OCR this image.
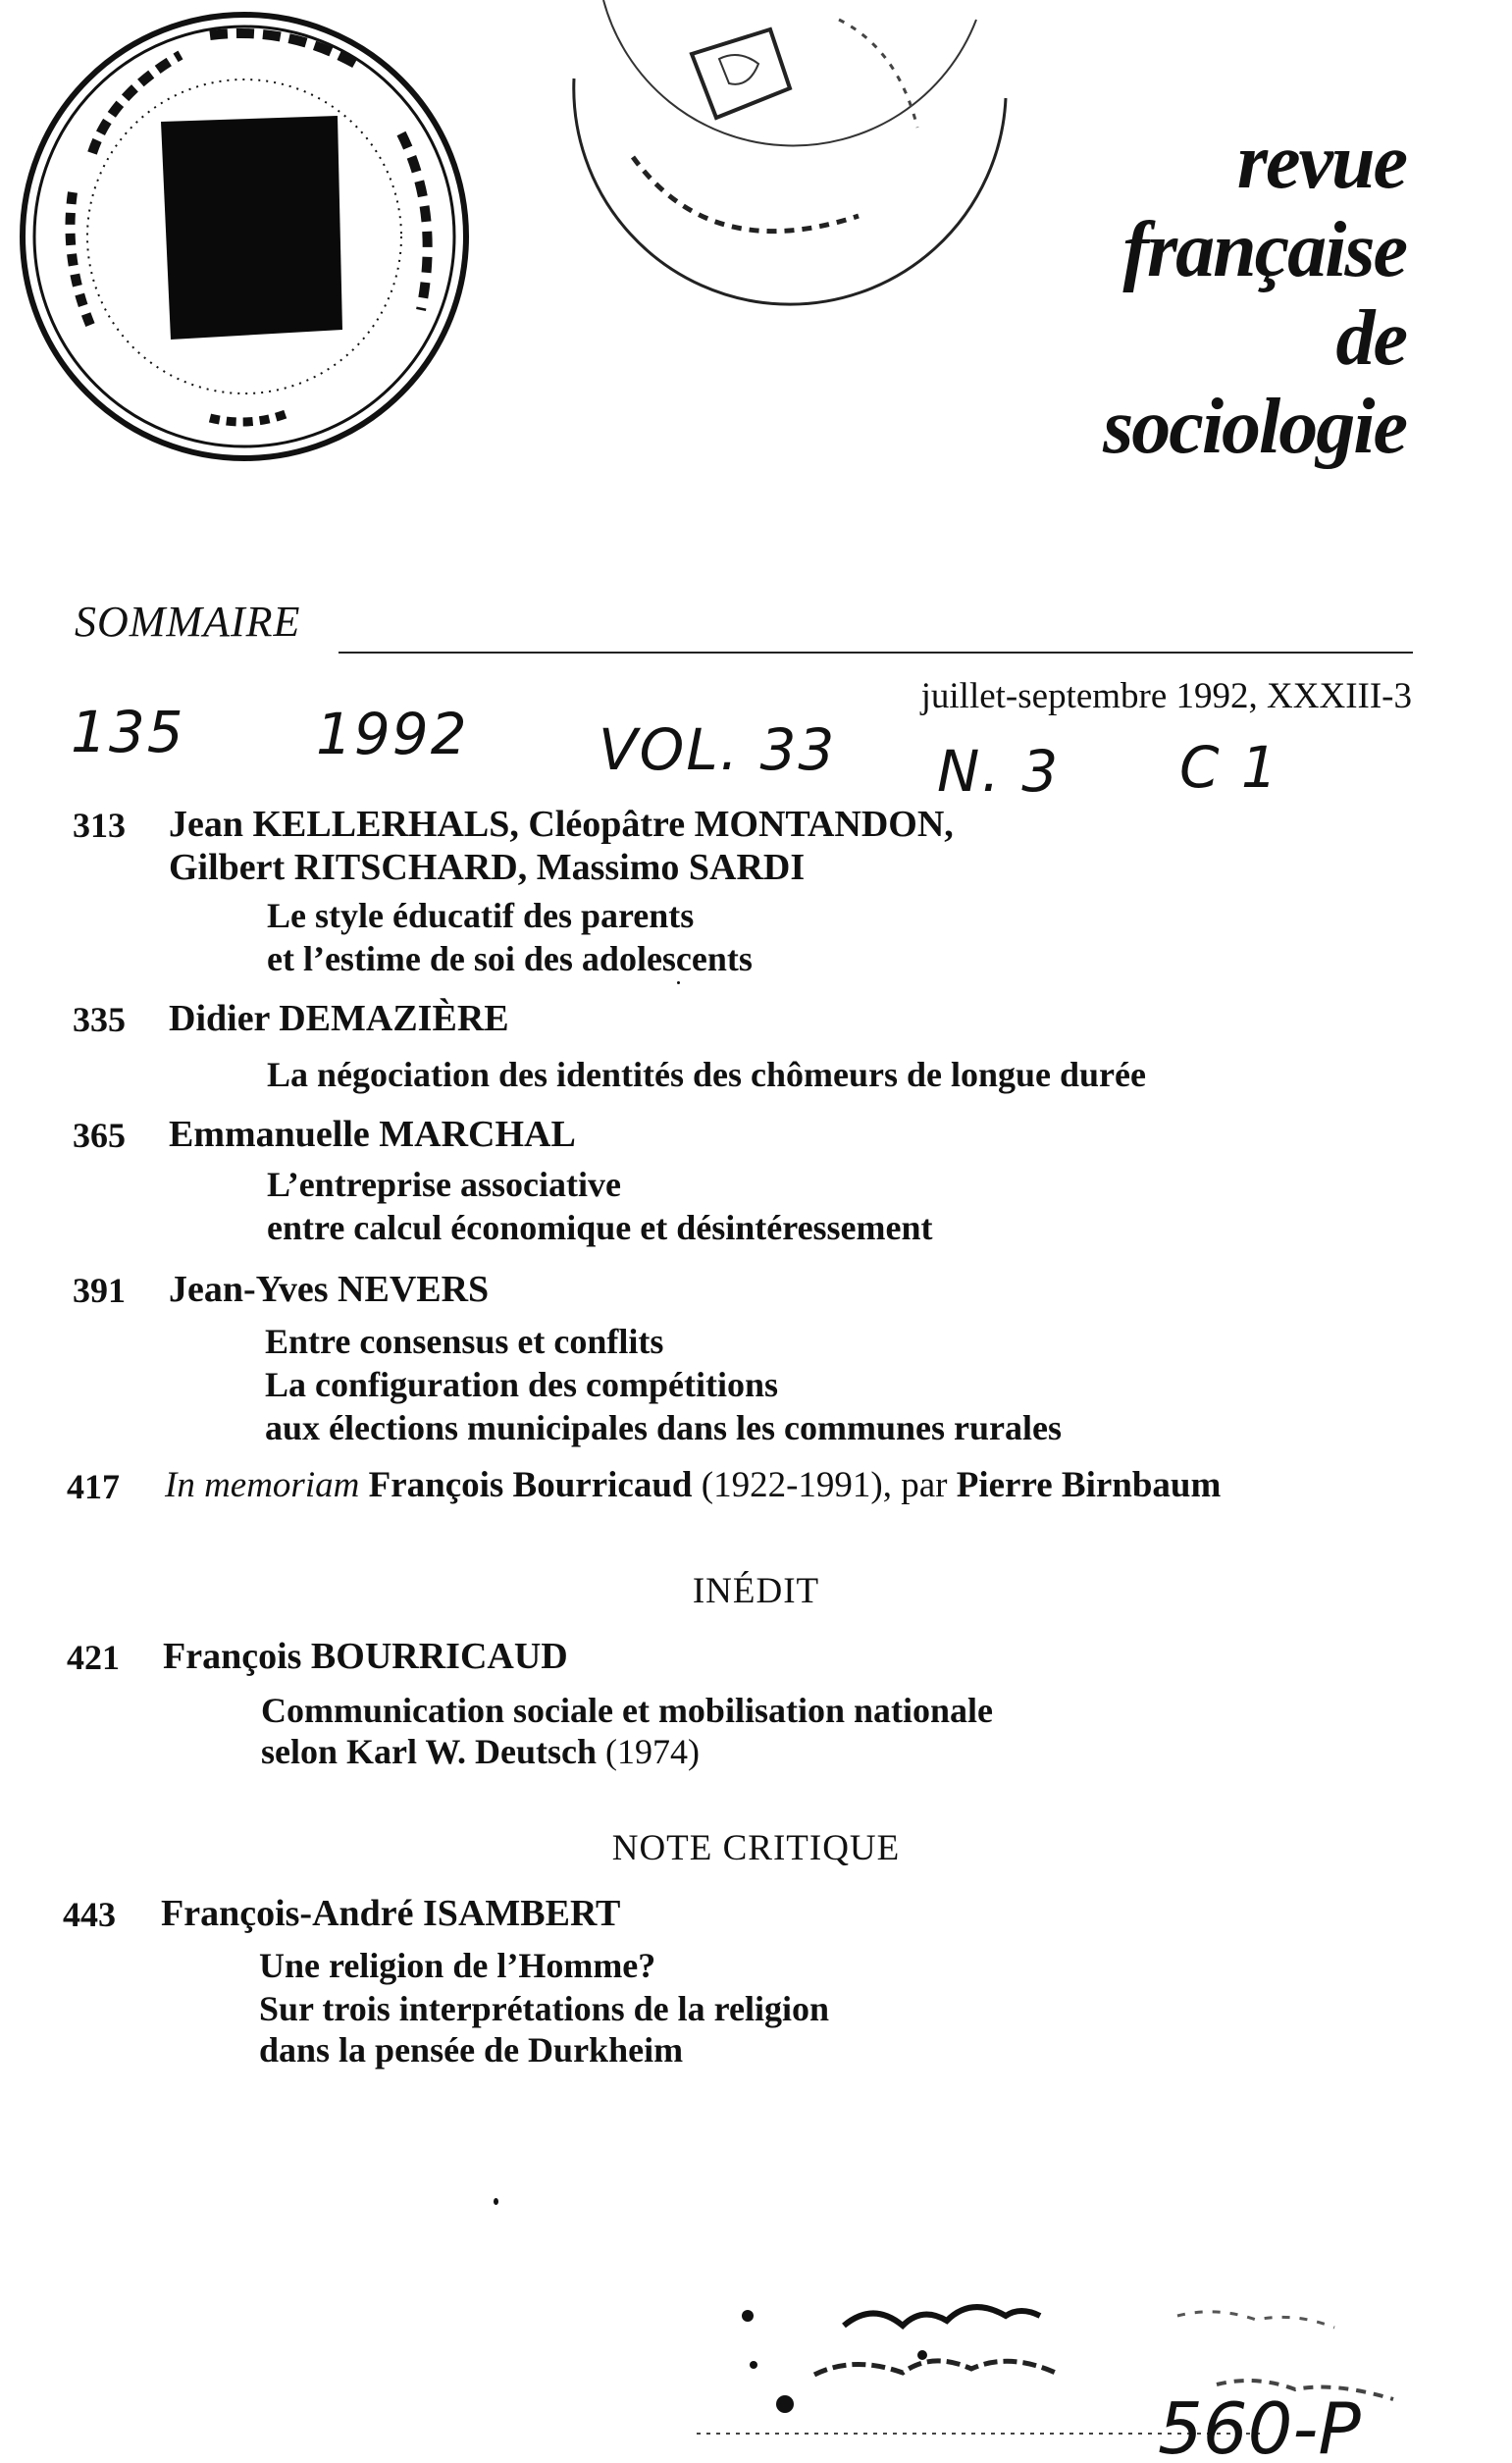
revue
française
de
sociologie
SOMMAIRE
juillet-septembre 1992, XXXIII-3
135 1992 VOL. 33 N. 3 C 1
313 Jean KELLERHALS, Cléopâtre MONTANDON,
Gilbert RITSCHARD, Massimo SARDI
Le style éducatif des parents
et l’estime de soi des adolescents
335 Didier DEMAZIÈRE
La négociation des identités des chômeurs de longue durée
365 Emmanuelle MARCHAL
L’entreprise associative
entre calcul économique et désintéressement
391 Jean-Yves NEVERS
Entre consensus et conflits
La configuration des compétitions
aux élections municipales dans les communes rurales
417 In memoriam François Bourricaud (1922-1991), par Pierre Birnbaum
INÉDIT
421 François BOURRICAUD
Communication sociale et mobilisation nationale
selon Karl W. Deutsch (1974)
NOTE CRITIQUE
443 François-André ISAMBERT
Une religion de l’Homme?
Sur trois interprétations de la religion
dans la pensée de Durkheim
560-P
